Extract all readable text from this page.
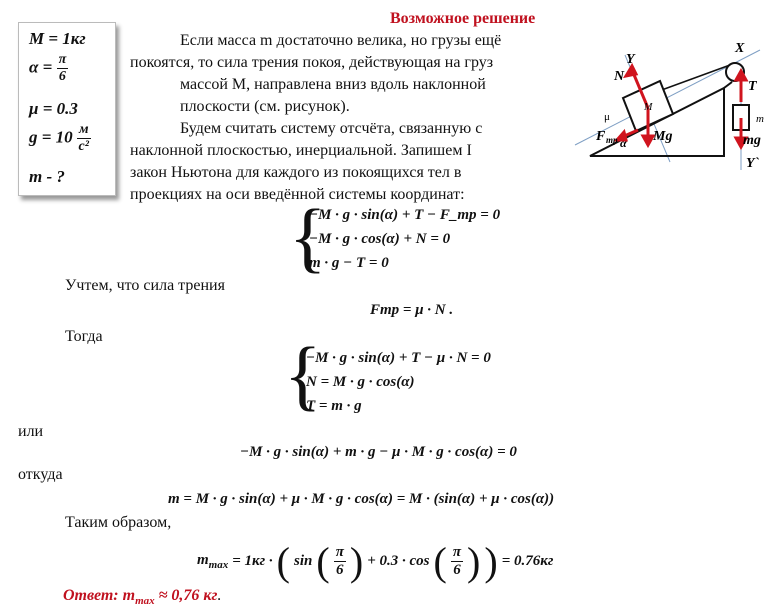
M = 1кг
$\alpha = \frac{\pi}{6}$
μ = 0.3
$g = 10 \frac{м}{\text{c²}}$
m - ?
Возможное решение
Если масса m достаточно велика, но грузы ещё
покоятся, то сила трения покоя, действующая на груз
массой M, направлена вниз вдоль наклонной
плоскости (см. рисунок).
Будем считать систему отсчёта, связанную с
наклонной плоскостью, инерциальной. Запишем I
закон Ньютона для каждого из покоящихся тел в
проекциях на оси введённой системы координат:
Y
N
X
T
μ
M
m
F тр α Mg	mg
Y`
{
−M · g · sin(α) + T − F_тр = 0
−M · g · cos(α) + N = 0
m · g − T = 0
Учтем, что сила трения
Fтр = μ · N .
Тогда {
−M · g · sin(α) + T − μ · N = 0
N = M · g · cos(α)
T = m · g
или
−M · g · sin(α) + m · g − μ · M · g · cos(α) = 0
откуда
m = M · g · sin(α) + μ · M · g · cos(α) = M · (sin(α) + μ · cos(α))
Таким образом,
$m_{max} = 1кг$ · ( sin ( $\frac{\pi}{6}$ ) + 0.3 · cos ( $\frac{\pi}{6}$ ) ) = 0.76кг
Ответ: $m_{max} \approx 0,76$ кг.
